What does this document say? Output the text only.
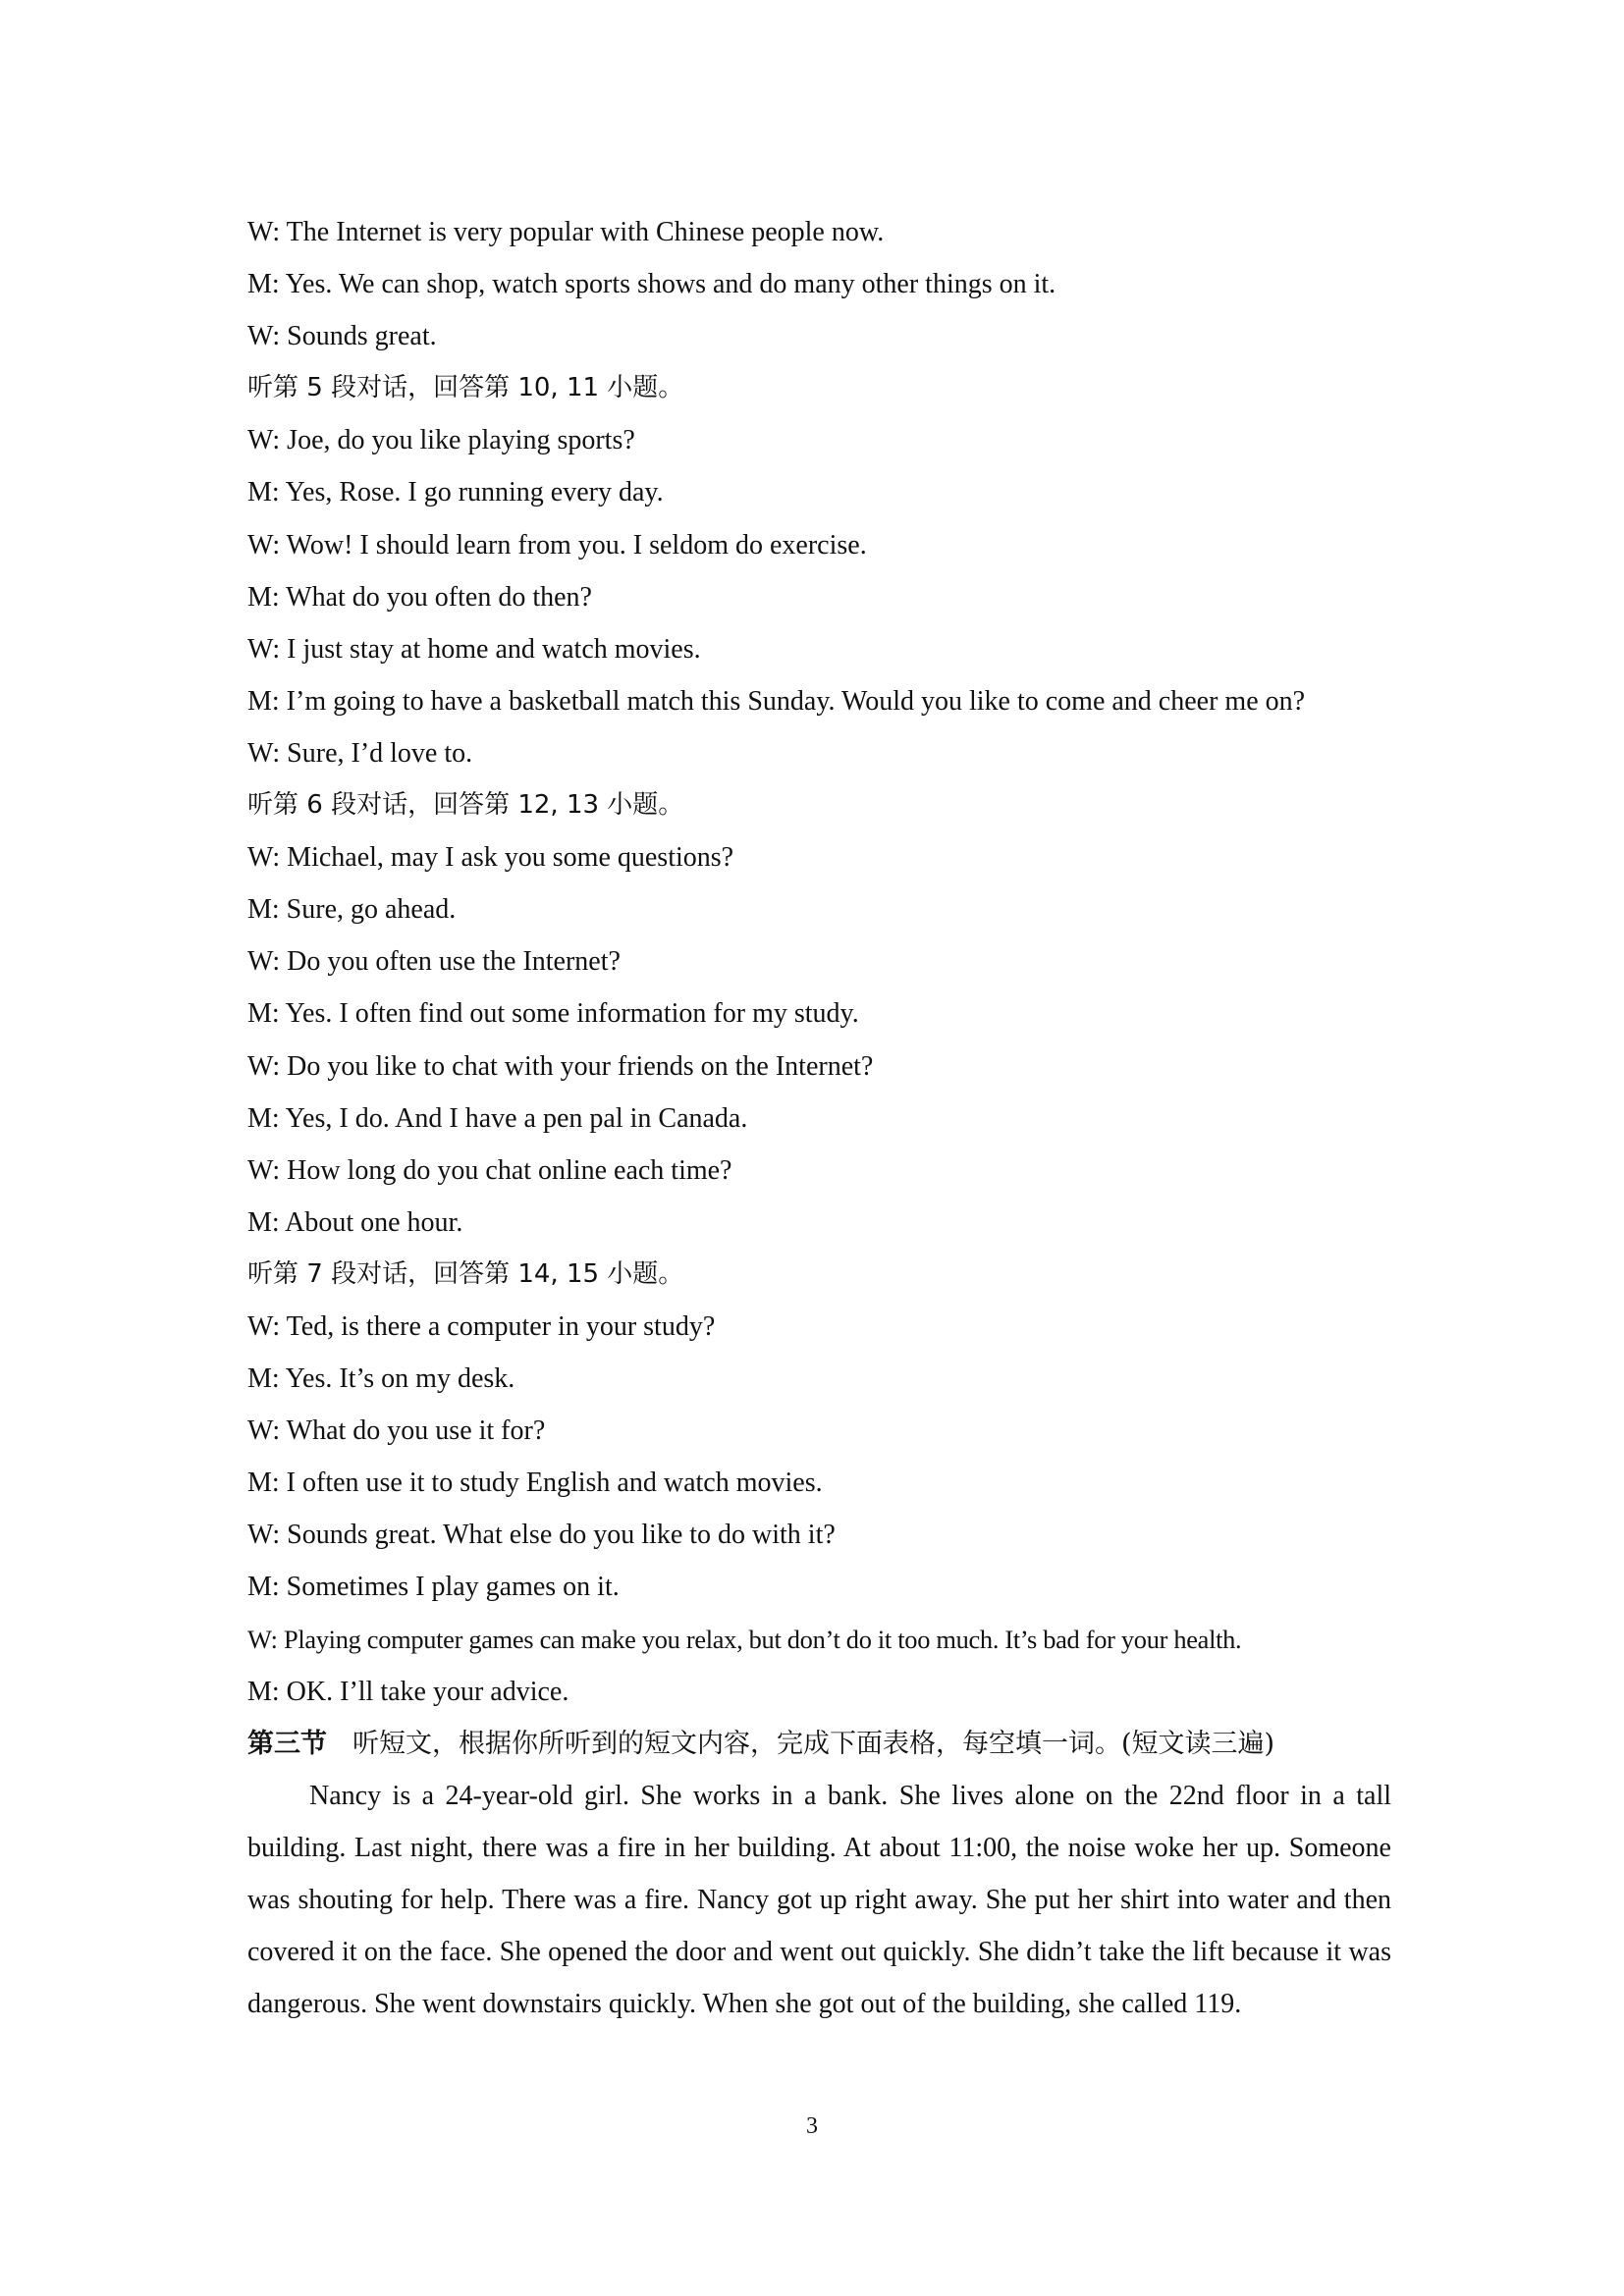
W: The Internet is very popular with Chinese people now.
M: Yes. We can shop, watch sports shows and do many other things on it.
W: Sounds great.
听第 5 段对话，回答第 10, 11 小题。
W: Joe, do you like playing sports?
M: Yes, Rose. I go running every day.
W: Wow! I should learn from you. I seldom do exercise.
M: What do you often do then?
W: I just stay at home and watch movies.
M: I’m going to have a basketball match this Sunday. Would you like to come and cheer me on?
W: Sure, I’d love to.
听第 6 段对话，回答第 12, 13 小题。
W: Michael, may I ask you some questions?
M: Sure, go ahead.
W: Do you often use the Internet?
M: Yes. I often find out some information for my study.
W: Do you like to chat with your friends on the Internet?
M: Yes, I do. And I have a pen pal in Canada.
W: How long do you chat online each time?
M: About one hour.
听第 7 段对话，回答第 14, 15 小题。
W: Ted, is there a computer in your study?
M: Yes. It’s on my desk.
W: What do you use it for?
M: I often use it to study English and watch movies.
W: Sounds great. What else do you like to do with it?
M: Sometimes I play games on it.
W: Playing computer games can make you relax, but don’t do it too much. It’s bad for your health.
M: OK. I’ll take your advice.
第三节 听短文，根据你所听到的短文内容，完成下面表格，每空填一词。(短文读三遍)
Nancy is a 24-year-old girl. She works in a bank. She lives alone on the 22nd floor in a tall building. Last night, there was a fire in her building. At about 11:00, the noise woke her up. Someone was shouting for help. There was a fire. Nancy got up right away. She put her shirt into water and then covered it on the face. She opened the door and went out quickly. She didn’t take the lift because it was dangerous. She went downstairs quickly. When she got out of the building, she called 119.
3
